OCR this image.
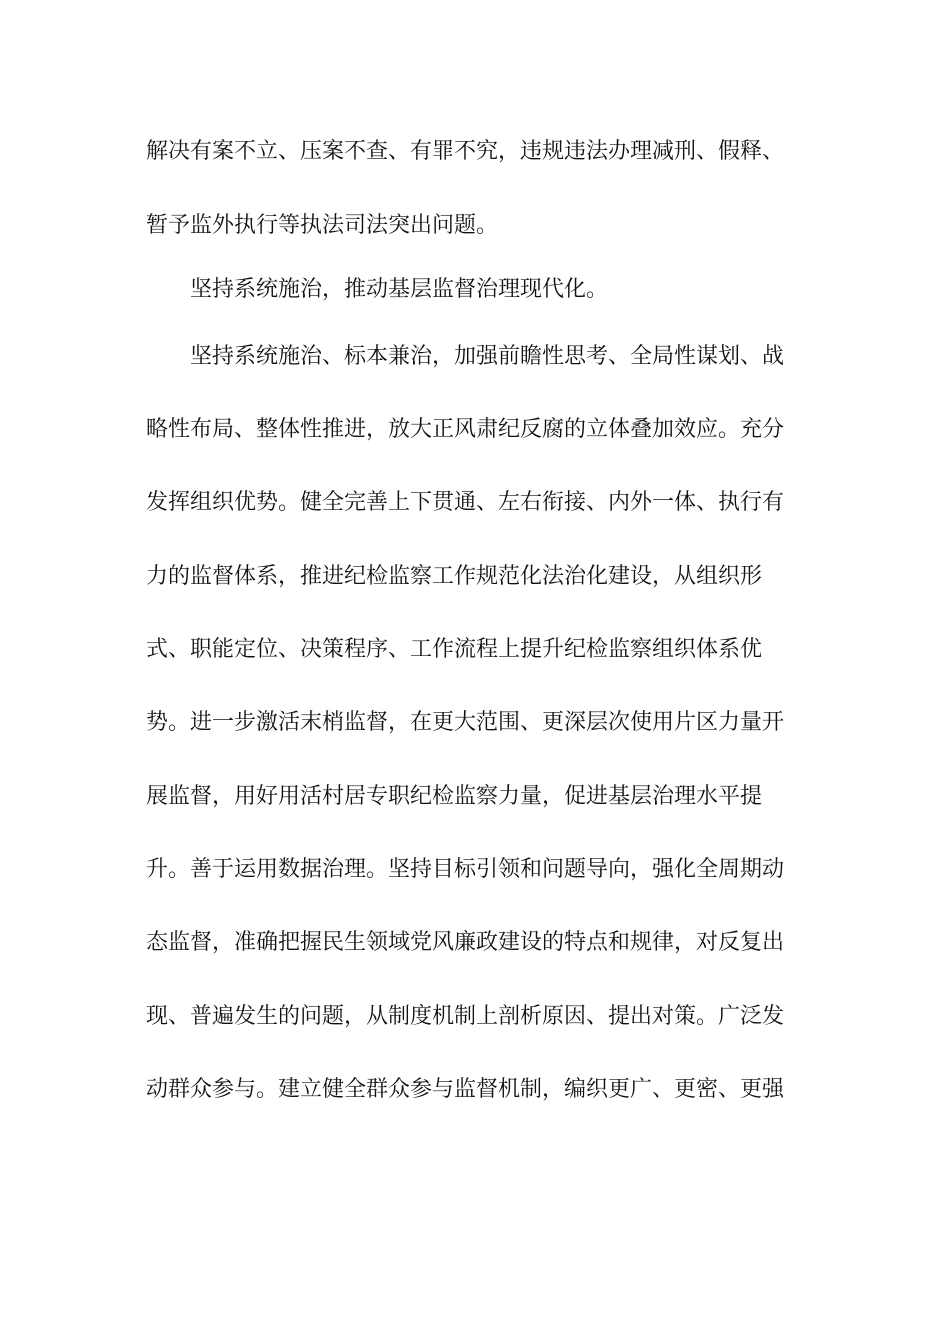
解决有案不立、压案不查、有罪不究，违规违法办理减刑、假释、
暂予监外执行等执法司法突出问题。
坚持系统施治，推动基层监督治理现代化。
坚持系统施治、标本兼治，加强前瞻性思考、全局性谋划、战
略性布局、整体性推进，放大正风肃纪反腐的立体叠加效应。充分
发挥组织优势。健全完善上下贯通、左右衔接、内外一体、执行有
力的监督体系，推进纪检监察工作规范化法治化建设，从组织形
式、职能定位、决策程序、工作流程上提升纪检监察组织体系优
势。进一步激活末梢监督，在更大范围、更深层次使用片区力量开
展监督，用好用活村居专职纪检监察力量，促进基层治理水平提
升。善于运用数据治理。坚持目标引领和问题导向，强化全周期动
态监督，准确把握民生领域党风廉政建设的特点和规律，对反复出
现、普遍发生的问题，从制度机制上剖析原因、提出对策。广泛发
动群众参与。建立健全群众参与监督机制，编织更广、更密、更强
